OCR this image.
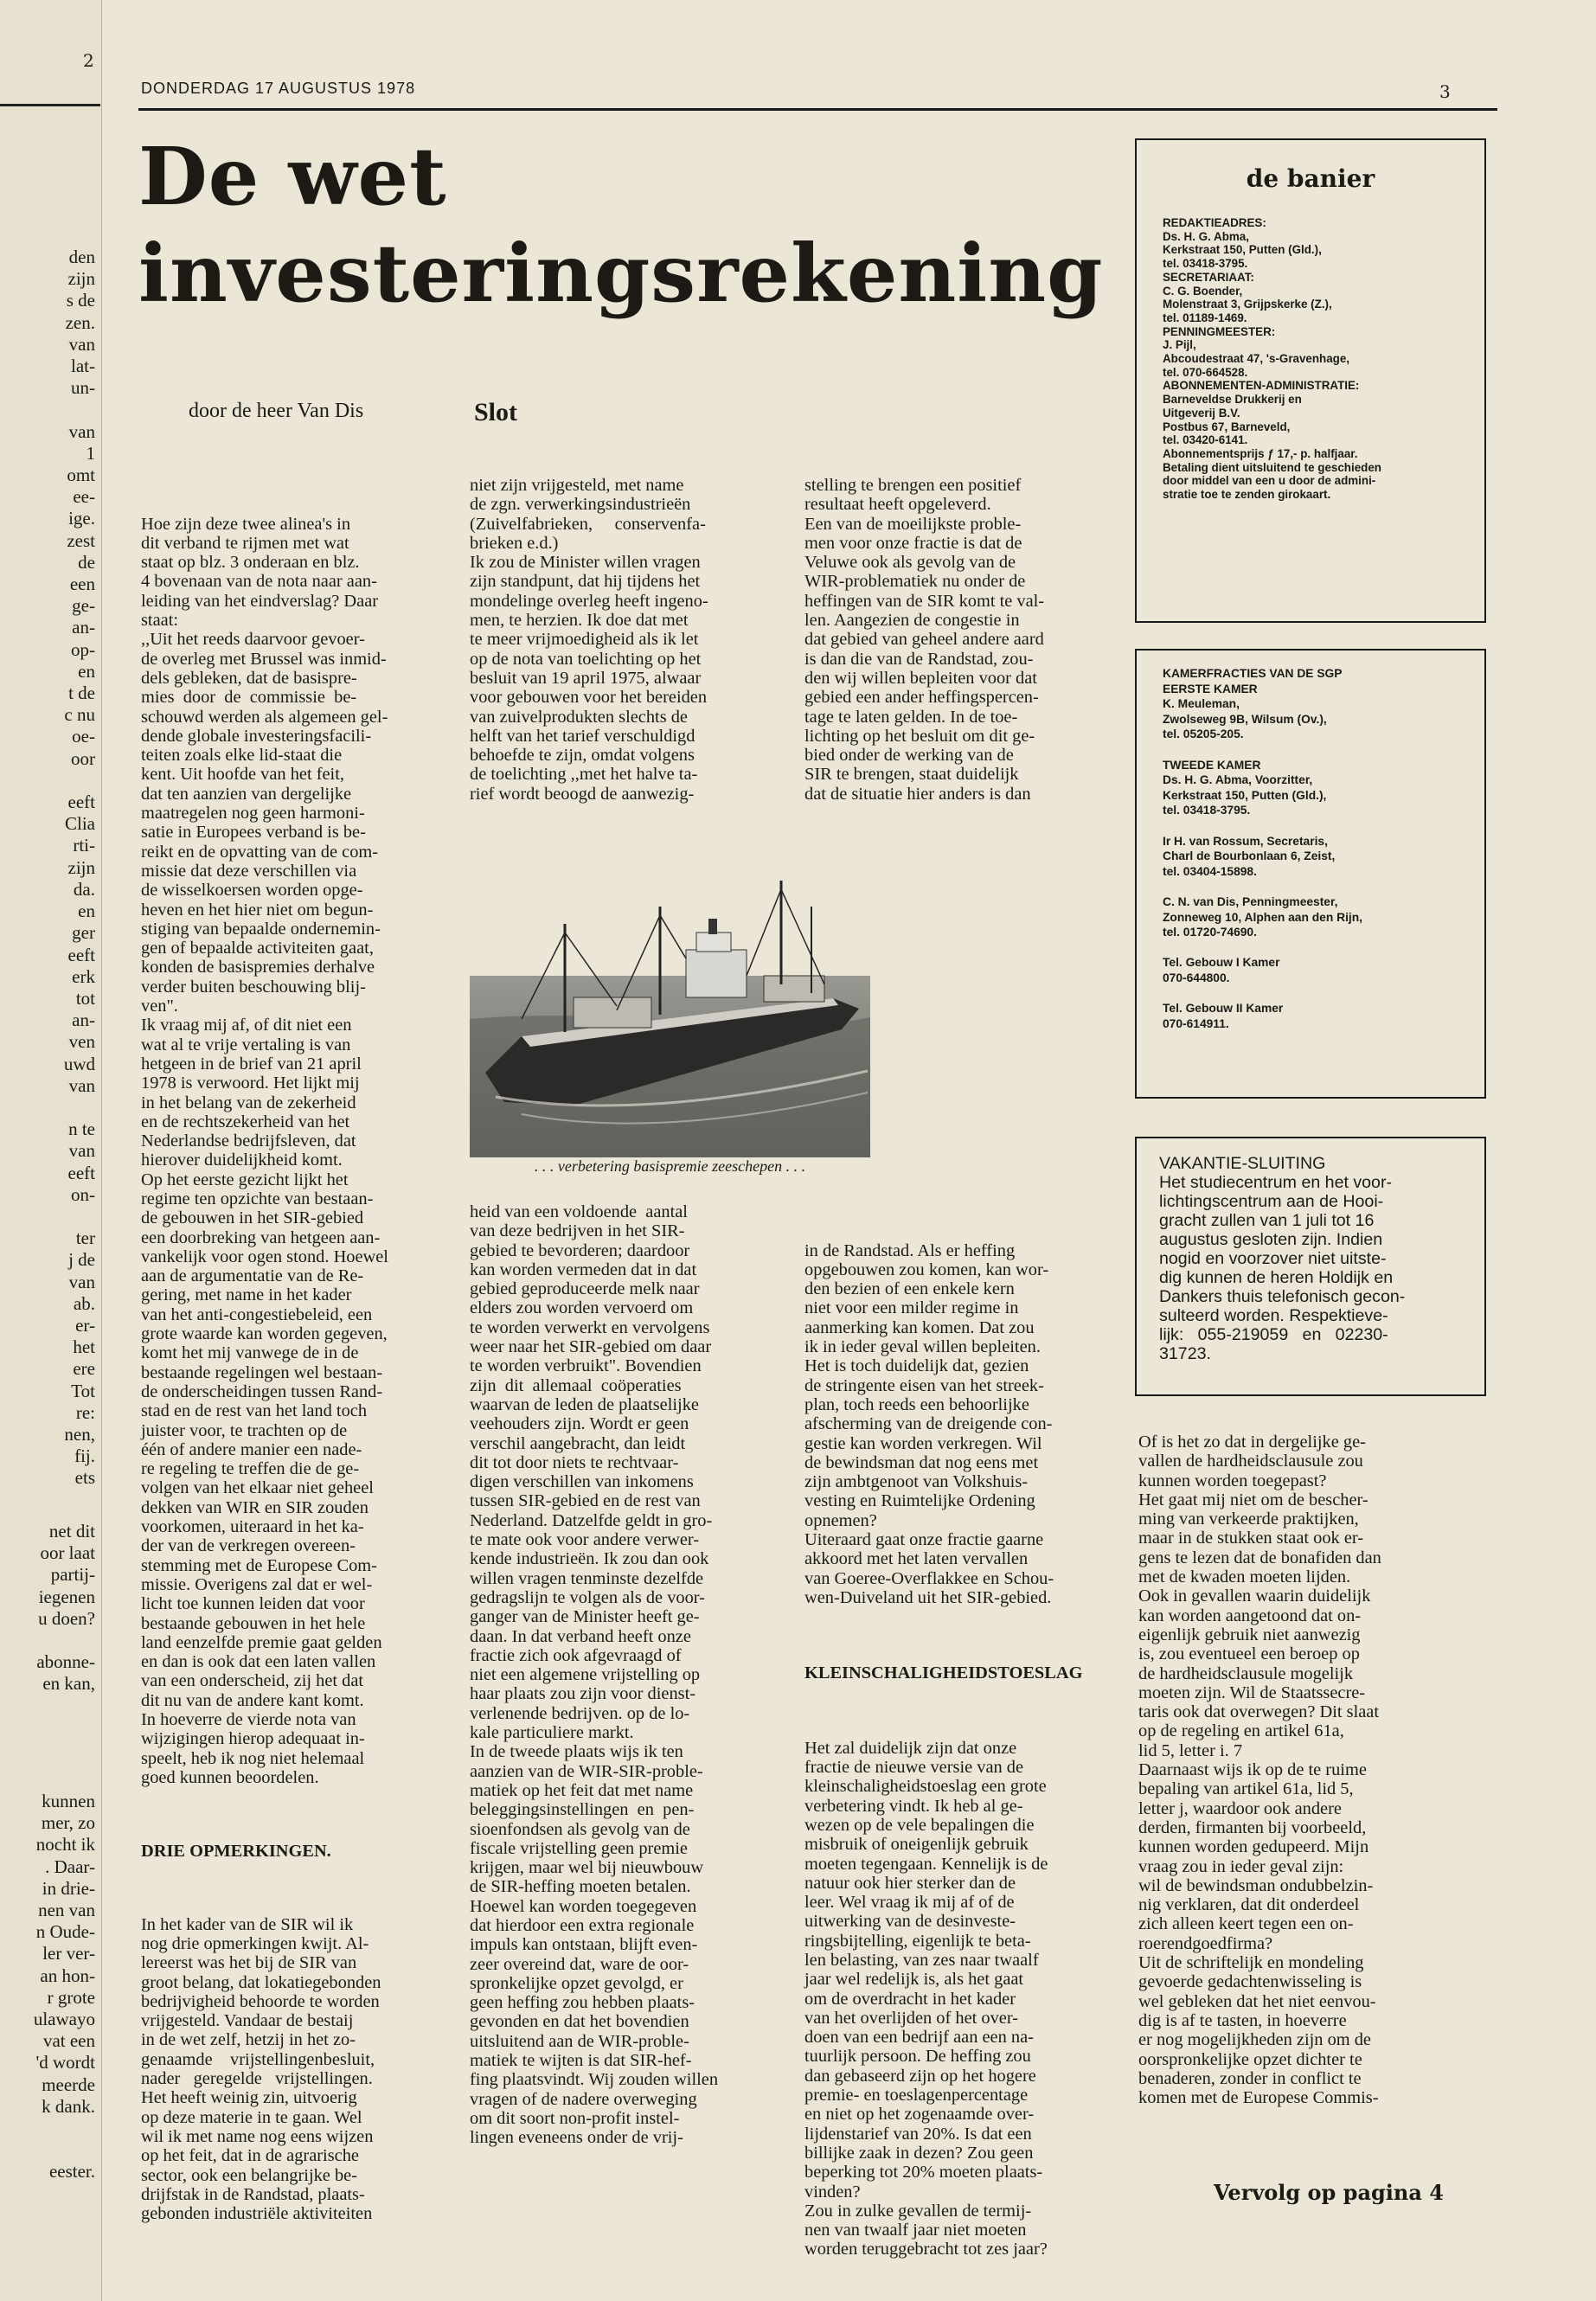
2
den
zijn
s de
zen.
van
lat-
un-

van
1
omt
ee-
ige.
zest
de
een
ge-
an-
op-
en
t de
c nu
oe-
oor

eeft
Clia
rti-
zijn
da.
en
ger
eeft
erk
tot
an-
ven
uwd
van

n te
van
eeft
on-

ter
j de
van
ab.
er-
het
ere
Tot
re:
nen,
fij.
ets
net dit
oor laat
partij-
iegenen
u doen?

abonne-
en kan,
kunnen
mer, zo
nocht ik
. Daar-
in drie-
nen van
n Oude-
ler ver-
an hon-
r grote
ulawayo
vat een
'd wordt
meerde
k dank.

eester.
DONDERDAG 17 AUGUSTUS 1978	3
De wet
investeringsrekening
door de heer Van Dis	Slot

Hoe zijn deze twee alinea's in
dit verband te rijmen met wat
staat op blz. 3 onderaan en blz.
4 bovenaan van de nota naar aan-
leiding van het eindverslag? Daar
staat:
,,Uit het reeds daarvoor gevoer-
de overleg met Brussel was inmid-
dels gebleken, dat de basispre-
mies  door  de  commissie  be-
schouwd werden als algemeen gel-
dende globale investeringsfacili-
teiten zoals elke lid-staat die
kent. Uit hoofde van het feit,
dat ten aanzien van dergelijke
maatregelen nog geen harmoni-
satie in Europees verband is be-
reikt en de opvatting van de com-
missie dat deze verschillen via
de wisselkoersen worden opge-
heven en het hier niet om begun-
stiging van bepaalde ondernemin-
gen of bepaalde activiteiten gaat,
konden de basispremies derhalve
verder buiten beschouwing blij-
ven".
Ik vraag mij af, of dit niet een
wat al te vrije vertaling is van
hetgeen in de brief van 21 april
1978 is verwoord. Het lijkt mij
in het belang van de zekerheid
en de rechtszekerheid van het
Nederlandse bedrijfsleven, dat
hierover duidelijkheid komt.
Op het eerste gezicht lijkt het
regime ten opzichte van bestaan-
de gebouwen in het SIR-gebied
een doorbreking van hetgeen aan-
vankelijk voor ogen stond. Hoewel
aan de argumentatie van de Re-
gering, met name in het kader
van het anti-congestiebeleid, een
grote waarde kan worden gegeven,
komt het mij vanwege de in de
bestaande regelingen wel bestaan-
de onderscheidingen tussen Rand-
stad en de rest van het land toch
juister voor, te trachten op de
één of andere manier een nade-
re regeling te treffen die de ge-
volgen van het elkaar niet geheel
dekken van WIR en SIR zouden
voorkomen, uiteraard in het ka-
der van de verkregen overeen-
stemming met de Europese Com-
missie. Overigens zal dat er wel-
licht toe kunnen leiden dat voor
bestaande gebouwen in het hele
land eenzelfde premie gaat gelden
en dan is ook dat een laten vallen
van een onderscheid, zij het dat
dit nu van de andere kant komt.
In hoeverre de vierde nota van
wijzigingen hierop adequaat in-
speelt, heb ik nog niet helemaal
goed kunnen beoordelen.

DRIE OPMERKINGEN.

In het kader van de SIR wil ik
nog drie opmerkingen kwijt. Al-
lereerst was het bij de SIR van
groot belang, dat lokatiegebonden
bedrijvigheid behoorde te worden
vrijgesteld. Vandaar de bestaij
in de wet zelf, hetzij in het zo-
genaamde    vrijstellingenbesluit,
nader   geregelde   vrijstellingen.
Het heeft weinig zin, uitvoerig
op deze materie in te gaan. Wel
wil ik met name nog eens wijzen
op het feit, dat in de agrarische
sector, ook een belangrijke be-
drijfstak in de Randstad, plaats-
gebonden industriële aktiviteiten

niet zijn vrijgesteld, met name
de zgn. verwerkingsindustrieën
(Zuivelfabrieken,     conservenfa-
brieken e.d.)
Ik zou de Minister willen vragen
zijn standpunt, dat hij tijdens het
mondelinge overleg heeft ingeno-
men, te herzien. Ik doe dat met
te meer vrijmoedigheid als ik let
op de nota van toelichting op het
besluit van 19 april 1975, alwaar
voor gebouwen voor het bereiden
van zuivelprodukten slechts de
helft van het tarief verschuldigd
behoefde te zijn, omdat volgens
de toelichting ,,met het halve ta-
rief wordt beoogd de aanwezig-
heid van een voldoende  aantal
van deze bedrijven in het SIR-
gebied te bevorderen; daardoor
kan worden vermeden dat in dat
gebied geproduceerde melk naar
elders zou worden vervoerd om
te worden verwerkt en vervolgens
weer naar het SIR-gebied om daar
te worden verbruikt". Bovendien
zijn  dit  allemaal  coöperaties
waarvan de leden de plaatselijke
veehouders zijn. Wordt er geen
verschil aangebracht, dan leidt
dit tot door niets te rechtvaar-
digen verschillen van inkomens
tussen SIR-gebied en de rest van
Nederland. Datzelfde geldt in gro-
te mate ook voor andere verwer-
kende industrieën. Ik zou dan ook
willen vragen tenminste dezelfde
gedragslijn te volgen als de voor-
ganger van de Minister heeft ge-
daan. In dat verband heeft onze
fractie zich ook afgevraagd of
niet een algemene vrijstelling op
haar plaats zou zijn voor dienst-
verlenende bedrijven. op de lo-
kale particuliere markt.
In de tweede plaats wijs ik ten
aanzien van de WIR-SIR-proble-
matiek op het feit dat met name
beleggingsinstellingen  en  pen-
sioenfondsen als gevolg van de
fiscale vrijstelling geen premie
krijgen, maar wel bij nieuwbouw
de SIR-heffing moeten betalen.
Hoewel kan worden toegegeven
dat hierdoor een extra regionale
impuls kan ontstaan, blijft even-
zeer overeind dat, ware de oor-
spronkelijke opzet gevolgd, er
geen heffing zou hebben plaats-
gevonden en dat het bovendien
uitsluitend aan de WIR-proble-
matiek te wijten is dat SIR-hef-
fing plaatsvindt. Wij zouden willen
vragen of de nadere overweging
om dit soort non-profit instel-
lingen eveneens onder de vrij-
stelling te brengen een positief
resultaat heeft opgeleverd.
Een van de moeilijkste proble-
men voor onze fractie is dat de
Veluwe ook als gevolg van de
WIR-problematiek nu onder de
heffingen van de SIR komt te val-
len. Aangezien de congestie in
dat gebied van geheel andere aard
is dan die van de Randstad, zou-
den wij willen bepleiten voor dat
gebied een ander heffingspercen-
tage te laten gelden. In de toe-
lichting op het besluit om dit ge-
bied onder de werking van de
SIR te brengen, staat duidelijk
dat de situatie hier anders is dan

in de Randstad. Als er heffing
opgebouwen zou komen, kan wor-
den bezien of een enkele kern
niet voor een milder regime in
aanmerking kan komen. Dat zou
ik in ieder geval willen bepleiten.
Het is toch duidelijk dat, gezien
de stringente eisen van het streek-
plan, toch reeds een behoorlijke
afscherming van de dreigende con-
gestie kan worden verkregen. Wil
de bewindsman dat nog eens met
zijn ambtgenoot van Volkshuis-
vesting en Ruimtelijke Ordening
opnemen?
Uiteraard gaat onze fractie gaarne
akkoord met het laten vervallen
van Goeree-Overflakkee en Schou-
wen-Duiveland uit het SIR-gebied.

KLEINSCHALIGHEIDSTOESLAG

Het zal duidelijk zijn dat onze
fractie de nieuwe versie van de
kleinschaligheidstoeslag een grote
verbetering vindt. Ik heb al ge-
wezen op de vele bepalingen die
misbruik of oneigenlijk gebruik
moeten tegengaan. Kennelijk is de
natuur ook hier sterker dan de
leer. Wel vraag ik mij af of de
uitwerking van de desinveste-
ringsbijtelling, eigenlijk te beta-
len belasting, van zes naar twaalf
jaar wel redelijk is, als het gaat
om de overdracht in het kader
van het overlijden of het over-
doen van een bedrijf aan een na-
tuurlijk persoon. De heffing zou
dan gebaseerd zijn op het hogere
premie- en toeslagenpercentage
en niet op het zogenaamde over-
lijdenstarief van 20%. Is dat een
billijke zaak in dezen? Zou geen
beperking tot 20% moeten plaats-
vinden?
Zou in zulke gevallen de termij-
nen van twaalf jaar niet moeten
worden teruggebracht tot zes jaar?

Of is het zo dat in dergelijke ge-
vallen de hardheidsclausule zou
kunnen worden toegepast?
Het gaat mij niet om de bescher-
ming van verkeerde praktijken,
maar in de stukken staat ook er-
gens te lezen dat de bonafiden dan
met de kwaden moeten lijden.
Ook in gevallen waarin duidelijk
kan worden aangetoond dat on-
eigenlijk gebruik niet aanwezig
is, zou eventueel een beroep op
de hardheidsclausule mogelijk
moeten zijn. Wil de Staatssecre-
taris ook dat overwegen? Dit slaat
op de regeling en artikel 61a,
lid 5, letter i. 7
Daarnaast wijs ik op de te ruime
bepaling van artikel 61a, lid 5,
letter j, waardoor ook andere
derden, firmanten bij voorbeeld,
kunnen worden gedupeerd. Mijn
vraag zou in ieder geval zijn:
wil de bewindsman ondubbelzin-
nig verklaren, dat dit onderdeel
zich alleen keert tegen een on-
roerendgoedfirma?
Uit de schriftelijk en mondeling
gevoerde gedachtenwisseling is
wel gebleken dat het niet eenvou-
dig is af te tasten, in hoeverre
er nog mogelijkheden zijn om de
oorspronkelijke opzet dichter te
benaderen, zonder in conflict te
komen met de Europese Commis-
. . . verbetering basispremie zeeschepen . . .
de banier
REDAKTIEADRES:
Ds. H. G. Abma,
Kerkstraat 150, Putten (Gld.),
tel. 03418-3795.
SECRETARIAAT:
C. G. Boender,
Molenstraat 3, Grijpskerke (Z.),
tel. 01189-1469.
PENNINGMEESTER:
J. Pijl,
Abcoudestraat 47, 's-Gravenhage,
tel. 070-664528.
ABONNEMENTEN-ADMINISTRATIE:
Barneveldse Drukkerij en
Uitgeverij B.V.
Postbus 67, Barneveld,
tel. 03420-6141.
Abonnementsprijs ƒ 17,- p. halfjaar.
Betaling dient uitsluitend te geschieden
door middel van een u door de admini-
stratie toe te zenden girokaart.
KAMERFRACTIES VAN DE SGP
EERSTE KAMER
K. Meuleman,
Zwolseweg 9B, Wilsum (Ov.),
tel. 05205-205.

TWEEDE KAMER
Ds. H. G. Abma, Voorzitter,
Kerkstraat 150, Putten (Gld.),
tel. 03418-3795.

Ir H. van Rossum, Secretaris,
Charl de Bourbonlaan 6, Zeist,
tel. 03404-15898.

C. N. van Dis, Penningmeester,
Zonneweg 10, Alphen aan den Rijn,
tel. 01720-74690.

Tel. Gebouw I Kamer
070-644800.

Tel. Gebouw II Kamer
070-614911.
VAKANTIE-SLUITING
Het studiecentrum en het voor-
lichtingscentrum aan de Hooi-
gracht zullen van 1 juli tot 16
augustus gesloten zijn. Indien
nogid en voorzover niet uitste-
dig kunnen de heren Holdijk en
Dankers thuis telefonisch gecon-
sulteerd worden. Respektieve-
lijk:   055-219059   en   02230-
31723.
Vervolg op pagina 4
